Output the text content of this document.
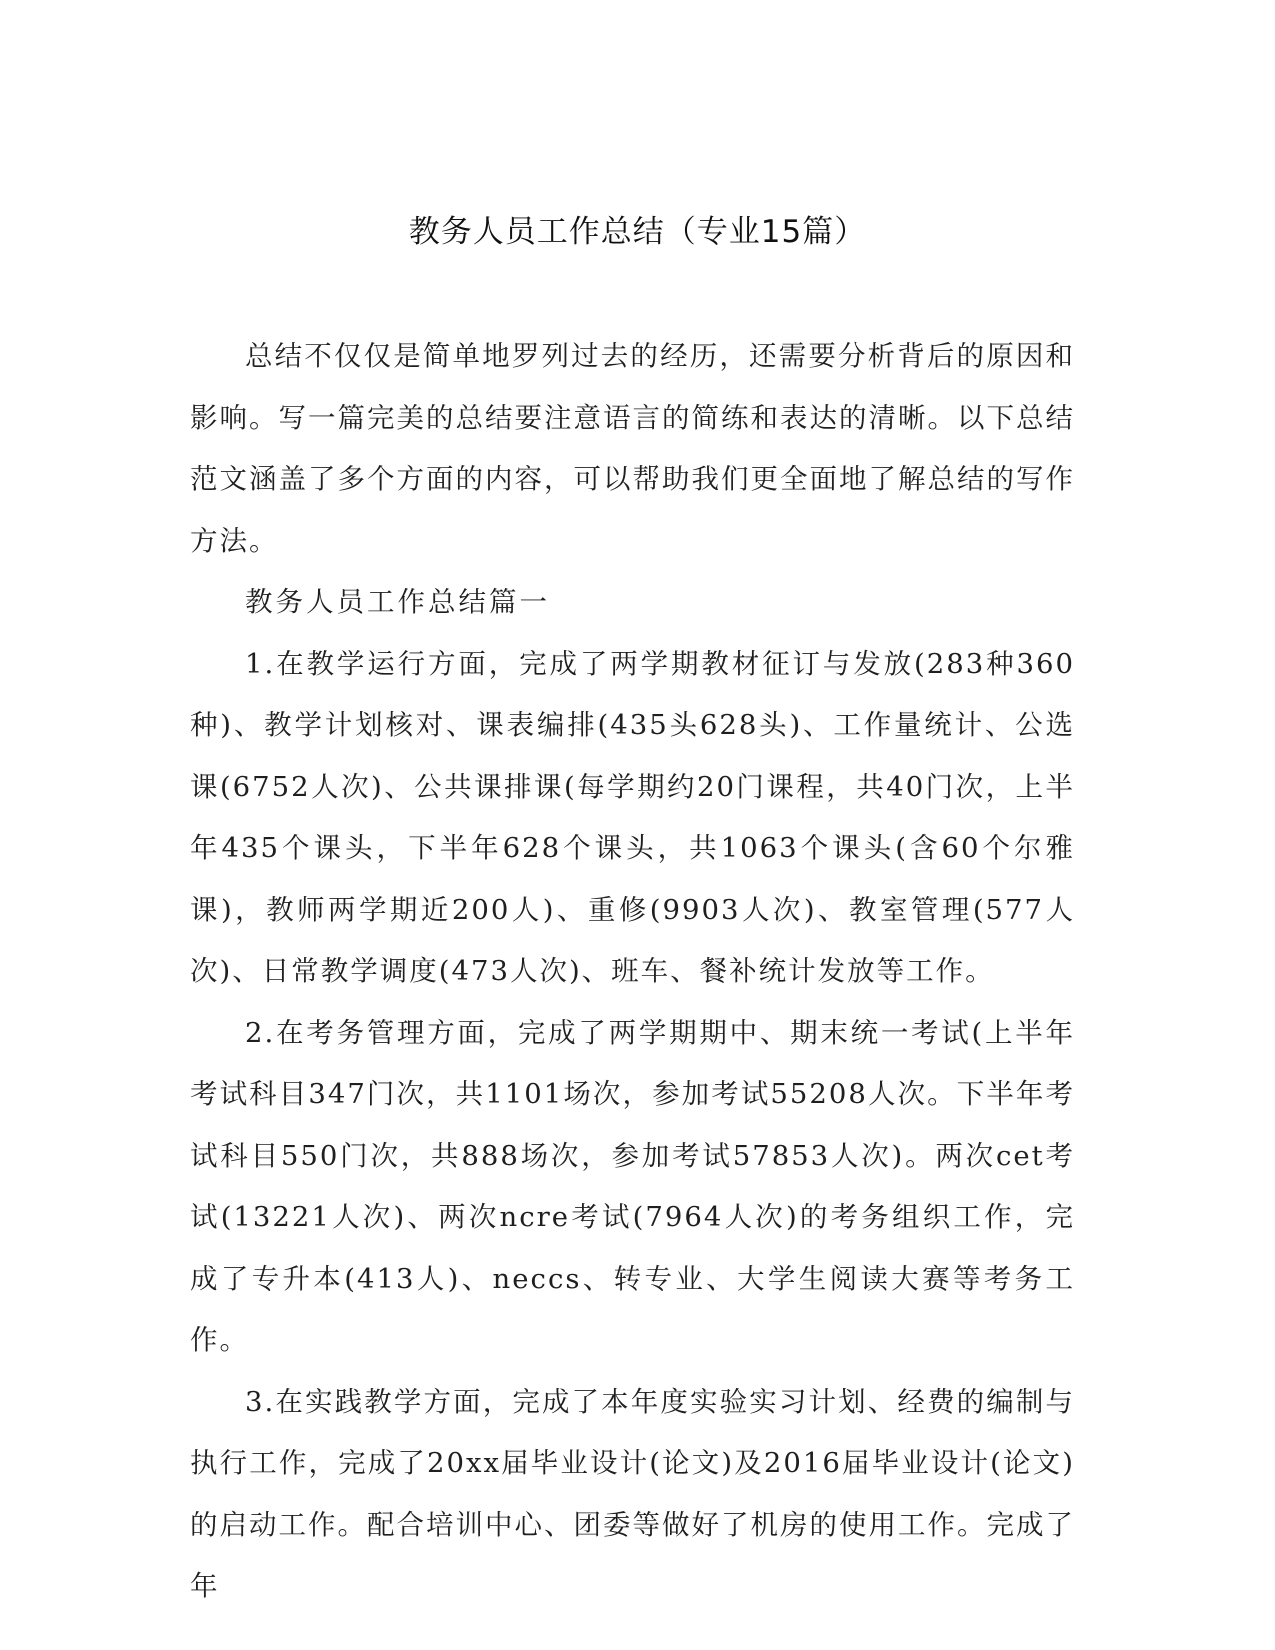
教务人员工作总结（专业15篇）

总结不仅仅是简单地罗列过去的经历，还需要分析背后的原因和影响。写一篇完美的总结要注意语言的简练和表达的清晰。以下总结范文涵盖了多个方面的内容，可以帮助我们更全面地了解总结的写作方法。

教务人员工作总结篇一

1.在教学运行方面，完成了两学期教材征订与发放(283种360种)、教学计划核对、课表编排(435头628头)、工作量统计、公选课(6752人次)、公共课排课(每学期约20门课程，共40门次，上半年435个课头，下半年628个课头，共1063个课头(含60个尔雅课)，教师两学期近200人)、重修(9903人次)、教室管理(577人次)、日常教学调度(473人次)、班车、餐补统计发放等工作。

2.在考务管理方面，完成了两学期期中、期末统一考试(上半年考试科目347门次，共1101场次，参加考试55208人次。下半年考试科目550门次，共888场次，参加考试57853人次)。两次cet考试(13221人次)、两次ncre考试(7964人次)的考务组织工作，完成了专升本(413人)、neccs、转专业、大学生阅读大赛等考务工作。

3.在实践教学方面，完成了本年度实验实习计划、经费的编制与执行工作，完成了20xx届毕业设计(论文)及2016届毕业设计(论文)的启动工作。配合培训中心、团委等做好了机房的使用工作。完成了年
